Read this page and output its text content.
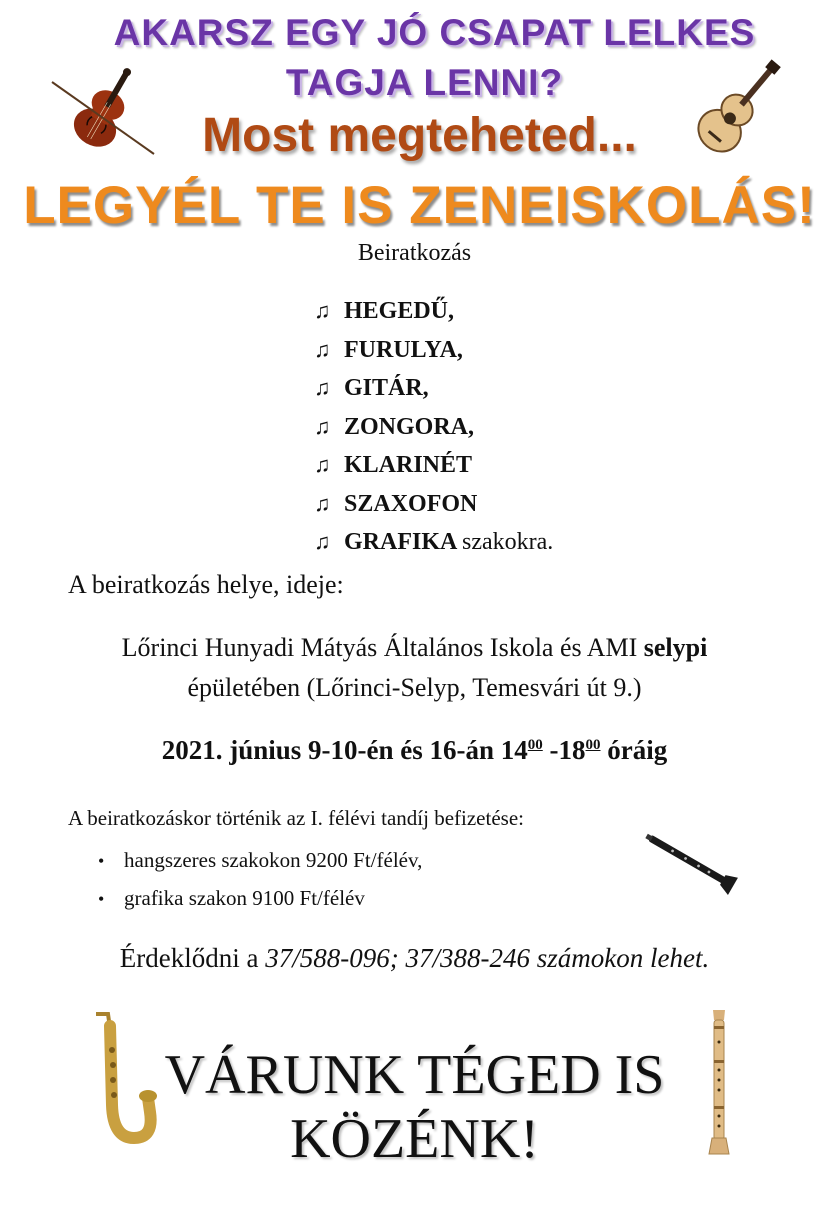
AKARSZ EGY JÓ CSAPAT LELKES
TAGJA LENNI?
Most megteheted...
LEGYÉL TE IS ZENEISKOLÁS!
Beiratkozás
♫ HEGEDŰ,
♫ FURULYA,
♫ GITÁR,
♫ ZONGORA,
♫ KLARINÉT
♫ SZAXOFON
♫ GRAFIKA szakokra.
A beiratkozás helye, ideje:
Lőrinci Hunyadi Mátyás Általános Iskola és AMI selypi
épületében (Lőrinci-Selyp, Temesvári út 9.)
2021. június 9-10-én és 16-án $14^{00}$ $-18^{00}$ óráig
A beiratkozáskor történik az I. félévi tandíj befizetése:
• hangszeres szakokon 9200 Ft/félév,
• grafika szakon 9100 Ft/félév
Érdeklődni a 37/588-096; 37/388-246 számokon lehet.
VÁRUNK TÉGED IS
KÖZÉNK!
